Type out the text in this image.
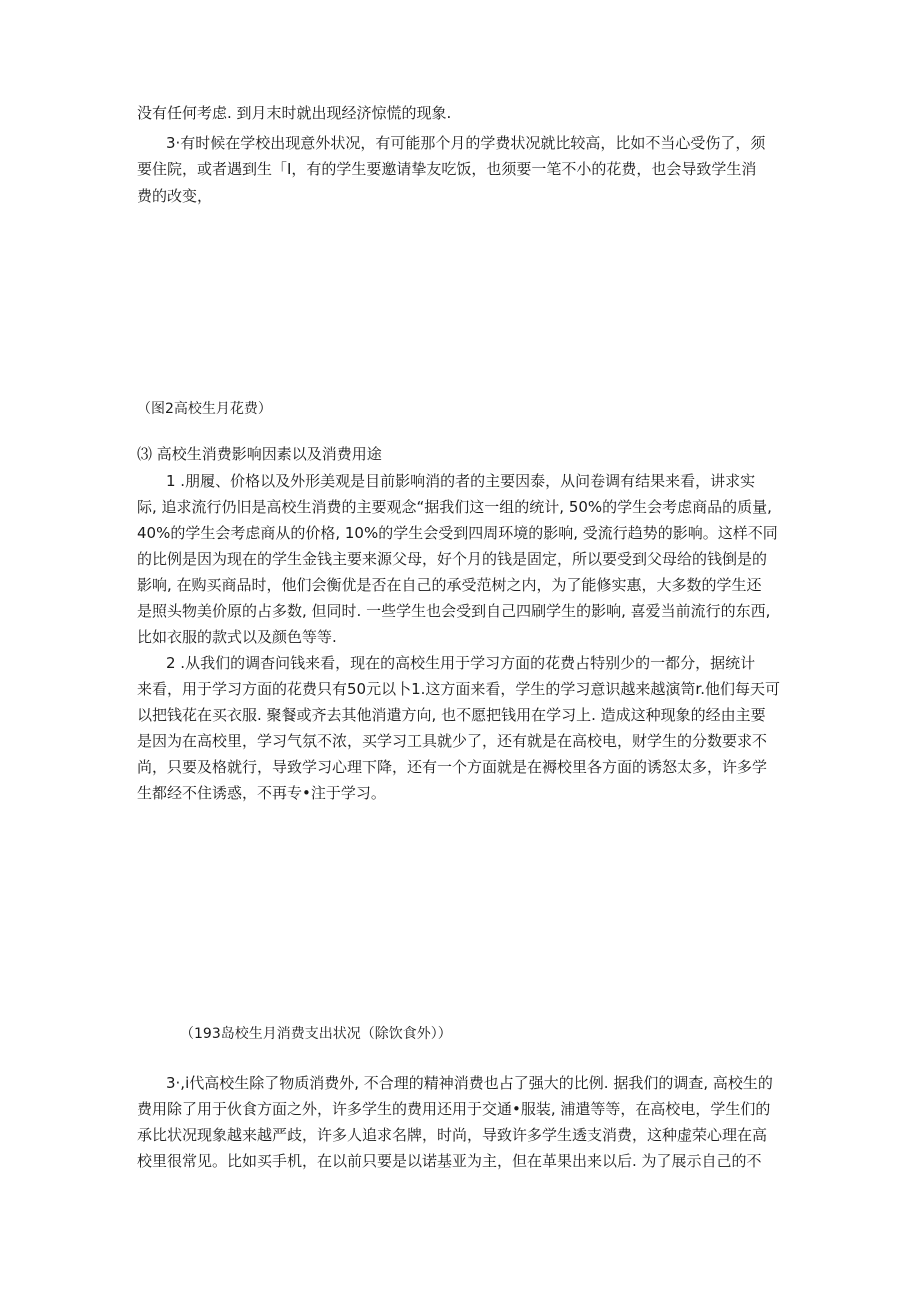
没有任何考虑. 到月末时就出现经济惊慌的现象.
3·有时候在学校出现意外状况，有可能那个月的学费状况就比较高，比如不当心受伤了，须
要住院，或者遇到生「I，有的学生要邀请挚友吃饭，也须要一笔不小的花费，也会导致学生消
费的改变，
（图2高校生月花费）
⑶ 高校生消费影响因素以及消费用途
1 .朋履、价格以及外形美观是目前影响消的者的主要因泰，从问卷调有结果来看，讲求实
际, 追求流行仍旧是高校生消费的主要观念“据我们这一组的统计, 50%的学生会考虑商品的质量,
40%的学生会考虑商从的价格, 10%的学生会受到四周环境的影响, 受流行趋势的影响。这样不同
的比例是因为现在的学生金钱主要来源父母，好个月的钱是固定，所以要受到父母给的钱倒是的
影响, 在购买商品时，他们会衡优是否在自己的承受范树之内，为了能修实惠，大多数的学生还
是照头物美价原的占多数, 但同时. 一些学生也会受到自己四刷学生的影响, 喜爱当前流行的东西,
比如衣服的款式以及颜色等等.
2 .从我们的调杳问钱来看，现在的高校生用于学习方面的花费占特别少的一都分，据统计
来看，用于学习方面的花费只有50元以卜1.这方面来看，学生的学习意识越来越演笥r.他们每天可
以把钱花在买衣服. 聚餐或齐去其他消遣方向, 也不愿把钱用在学习上. 造成这种现象的经由主要
是因为在高校里，学习气氛不浓，买学习工具就少了，还有就是在高校电，财学生的分数要求不
尚，只要及格就行，导致学习心理下降，还有一个方面就是在褥校里各方面的诱怒太多，许多学
生都经不住诱惑，不再专•注于学习。
（193岛校生月消费支出状况（除饮食外））
3·,i代高校生除了物质消费外, 不合理的精神消费也占了强大的比例. 据我们的调查, 高校生的
费用除了用于伙食方面之外，许多学生的费用还用于交通•服装, 浦遣等等，在高校电，学生们的
承比状况现象越来越严歧，许多人追求名牌，时尚，导致许多学生透支消费，这种虚荣心理在高
校里很常见。比如买手机，在以前只要是以诺基亚为主，但在革果出来以后. 为了展示自己的不
